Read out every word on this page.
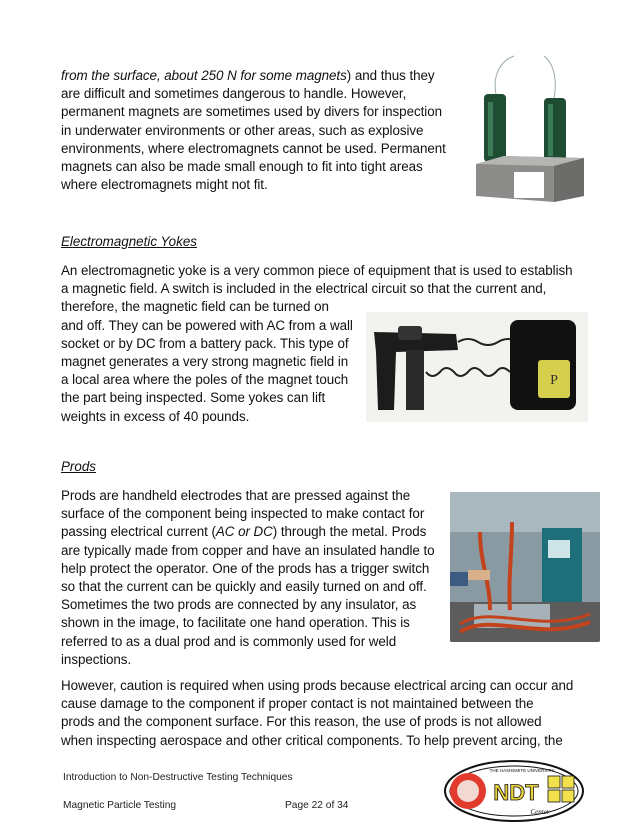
from the surface, about 250 N for some magnets) and thus they
are difficult and sometimes dangerous to handle. However,
permanent magnets are sometimes used by divers for inspection
in underwater environments or other areas, such as explosive
environments, where electromagnets cannot be used. Permanent
magnets can also be made small enough to fit into tight areas
where electromagnets might not fit.
Electromagnetic Yokes
An electromagnetic yoke is a very common piece of equipment that is used to establish
a magnetic field. A switch is included in the electrical circuit so that the current and,
therefore, the magnetic field can be turned on
and off. They can be powered with AC from a wall
socket or by DC from a battery pack. This type of
magnet generates a very strong magnetic field in
a local area where the poles of the magnet touch
the part being inspected. Some yokes can lift
weights in excess of 40 pounds.
P
Prods
Prods are handheld electrodes that are pressed against the
surface of the component being inspected to make contact for
passing electrical current (AC or DC) through the metal. Prods
are typically made from copper and have an insulated handle to
help protect the operator. One of the prods has a trigger switch
so that the current can be quickly and easily turned on and off.
Sometimes the two prods are connected by any insulator, as
shown in the image, to facilitate one hand operation. This is
referred to as a dual prod and is commonly used for weld
inspections.
However, caution is required when using prods because electrical arcing can occur and
cause damage to the component if proper contact is not maintained between the
prods and the component surface. For this reason, the use of prods is not allowed
when inspecting aerospace and other critical components. To help prevent arcing, the
Introduction to Non-Destructive Testing Techniques
Magnetic Particle Testing	Page 22 of 34
THE HASHEMITE UNIVERSITY
NDT
Center
